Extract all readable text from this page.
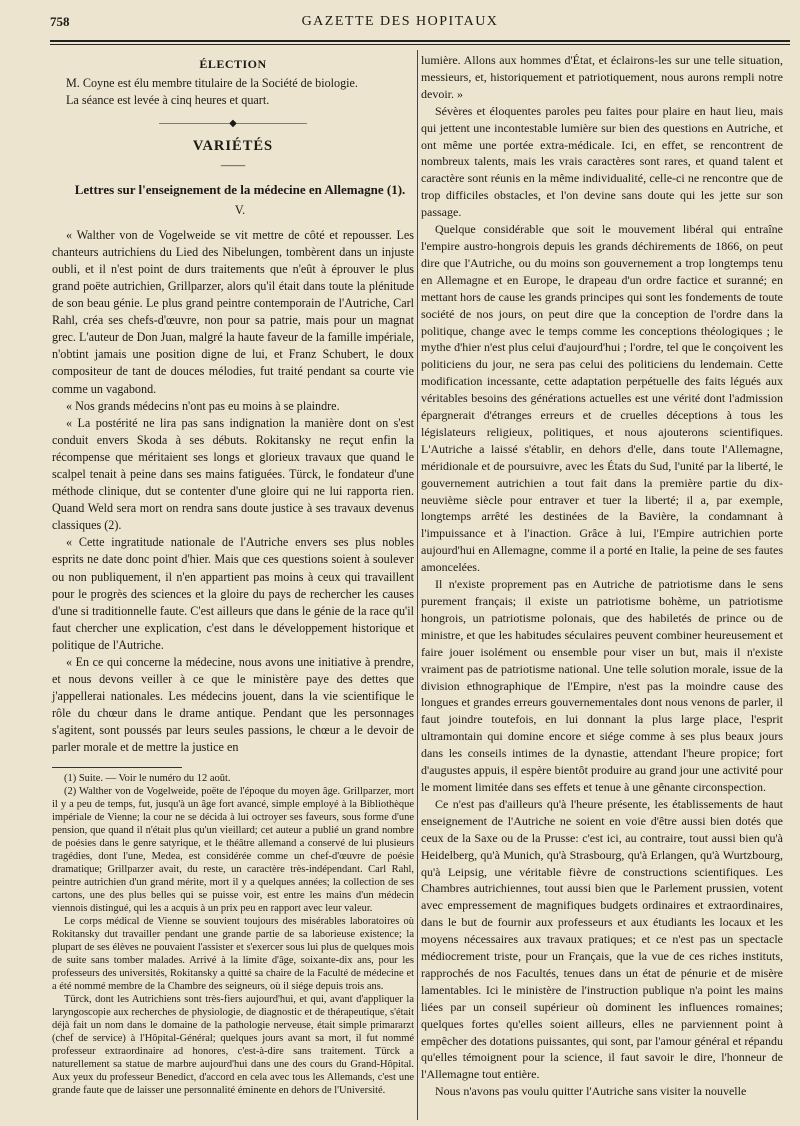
758	GAZETTE DES HOPITAUX

ÉLECTION

M. Coyne est élu membre titulaire de la Société de biologie.

La séance est levée à cinq heures et quart.

———————◆———————

VARIÉTÉS

——

Lettres sur l'enseignement de la médecine en Allemagne (1).

V.

« Walther von de Vogelweide se vit mettre de côté et repousser. Les chanteurs autrichiens du Lied des Nibelungen, tombèrent dans un injuste oubli, et il n'est point de durs traitements que n'eût à éprouver le plus grand poëte autrichien, Grillparzer, alors qu'il était dans toute la plénitude de son beau génie. Le plus grand peintre contemporain de l'Autriche, Carl Rahl, créa ses chefs-d'œuvre, non pour sa patrie, mais pour un magnat grec. L'auteur de Don Juan, malgré la haute faveur de la famille impériale, n'obtint jamais une position digne de lui, et Franz Schubert, le doux compositeur de tant de douces mélodies, fut traité pendant sa courte vie comme un vagabond.

« Nos grands médecins n'ont pas eu moins à se plaindre.

« La postérité ne lira pas sans indignation la manière dont on s'est conduit envers Skoda à ses débuts. Rokitansky ne reçut enfin la récompense que méritaient ses longs et glorieux travaux que quand le scalpel tenait à peine dans ses mains fatiguées. Türck, le fondateur d'une méthode clinique, dut se contenter d'une gloire qui ne lui rapporta rien. Quand Weld sera mort on rendra sans doute justice à ses travaux devenus classiques (2).

« Cette ingratitude nationale de l'Autriche envers ses plus nobles esprits ne date donc point d'hier. Mais que ces questions soient à soulever ou non publiquement, il n'en appartient pas moins à ceux qui travaillent pour le progrès des sciences et la gloire du pays de rechercher les causes d'une si traditionnelle faute. C'est ailleurs que dans le génie de la race qu'il faut chercher une explication, c'est dans le développement historique et politique de l'Autriche.

« En ce qui concerne la médecine, nous avons une initiative à prendre, et nous devons veiller à ce que le ministère paye des dettes que j'appellerai nationales. Les médecins jouent, dans la vie scientifique le rôle du chœur dans le drame antique. Pendant que les personnages s'agitent, sont poussés par leurs seules passions, le chœur a le devoir de parler morale et de mettre la justice en

(1) Suite. — Voir le numéro du 12 août.

(2) Walther von de Vogelweide, poëte de l'époque du moyen âge. Grillparzer, mort il y a peu de temps, fut, jusqu'à un âge fort avancé, simple employé à la Bibliothèque impériale de Vienne; la cour ne se décida à lui octroyer ses faveurs, sous forme d'une pension, que quand il n'était plus qu'un vieillard; cet auteur a publié un grand nombre de poésies dans le genre satyrique, et le théâtre allemand a conservé de lui plusieurs tragédies, dont l'une, Medea, est considérée comme un chef-d'œuvre de poésie dramatique; Grillparzer avait, du reste, un caractère très-indépendant. Carl Rahl, peintre autrichien d'un grand mérite, mort il y a quelques années; la collection de ses cartons, une des plus belles qui se puisse voir, est entre les mains d'un médecin viennois distingué, qui les a acquis à un prix peu en rapport avec leur valeur.

Le corps médical de Vienne se souvient toujours des misérables laboratoires où Rokitansky dut travailler pendant une grande partie de sa laborieuse existence; la plupart de ses élèves ne pouvaient l'assister et s'exercer sous lui plus de quelques mois de suite sans tomber malades. Arrivé à la limite d'âge, soixante-dix ans, pour les professeurs des universités, Rokitansky a quitté sa chaire de la Faculté de médecine et a été nommé membre de la Chambre des seigneurs, où il siége depuis trois ans.

Türck, dont les Autrichiens sont très-fiers aujourd'hui, et qui, avant d'appliquer la laryngoscopie aux recherches de physiologie, de diagnostic et de thérapeutique, s'était déjà fait un nom dans le domaine de la pathologie nerveuse, était simple primararzt (chef de service) à l'Hôpital-Général; quelques jours avant sa mort, il fut nommé professeur extraordinaire ad honores, c'est-à-dire sans traitement. Türck a naturellement sa statue de marbre aujourd'hui dans une des cours du Grand-Hôpital. Aux yeux du professeur Benedict, d'accord en cela avec tous les Allemands, c'est une grande faute que de laisser une personnalité éminente en dehors de l'Université.

lumière. Allons aux hommes d'État, et éclairons-les sur une telle situation, messieurs, et, historiquement et patriotiquement, nous aurons rempli notre devoir. »

Sévères et éloquentes paroles peu faites pour plaire en haut lieu, mais qui jettent une incontestable lumière sur bien des questions en Autriche, et ont même une portée extra-médicale. Ici, en effet, se rencontrent de nombreux talents, mais les vrais caractères sont rares, et quand talent et caractère sont réunis en la même individualité, celle-ci ne rencontre que de trop difficiles obstacles, et l'on devine sans doute qui les jette sur son passage.

Quelque considérable que soit le mouvement libéral qui entraîne l'empire austro-hongrois depuis les grands déchirements de 1866, on peut dire que l'Autriche, ou du moins son gouvernement a trop longtemps tenu en Allemagne et en Europe, le drapeau d'un ordre factice et suranné; en mettant hors de cause les grands principes qui sont les fondements de toute société de nos jours, on peut dire que la conception de l'ordre dans la politique, change avec le temps comme les conceptions théologiques ; le mythe d'hier n'est plus celui d'aujourd'hui ; l'ordre, tel que le conçoivent les politiciens du jour, ne sera pas celui des politiciens du lendemain. Cette modification incessante, cette adaptation perpétuelle des faits légués aux véritables besoins des générations actuelles est une vérité dont l'admission épargnerait d'étranges erreurs et de cruelles déceptions à tous les législateurs religieux, politiques, et nous ajouterons scientifiques. L'Autriche a laissé s'établir, en dehors d'elle, dans toute l'Allemagne, méridionale et de poursuivre, avec les États du Sud, l'unité par la liberté, le gouvernement autrichien a tout fait dans la première partie du dix-neuvième siècle pour entraver et tuer la liberté; il a, par exemple, longtemps arrêté les destinées de la Bavière, la condamnant à l'impuissance et à l'inaction. Grâce à lui, l'Empire autrichien porte aujourd'hui en Allemagne, comme il a porté en Italie, la peine de ses fautes amoncelées.

Il n'existe proprement pas en Autriche de patriotisme dans le sens purement français; il existe un patriotisme bohème, un patriotisme hongrois, un patriotisme polonais, que des habiletés de prince ou de ministre, et que les habitudes séculaires peuvent combiner heureusement et faire jouer isolément ou ensemble pour viser un but, mais il n'existe vraiment pas de patriotisme national. Une telle solution morale, issue de la division ethnographique de l'Empire, n'est pas la moindre cause des longues et grandes erreurs gouvernementales dont nous venons de parler, il faut joindre toutefois, en lui donnant la plus large place, l'esprit ultramontain qui domine encore et siége comme à ses plus beaux jours dans les conseils intimes de la dynastie, attendant l'heure propice; fort d'augustes appuis, il espère bientôt produire au grand jour une activité pour le moment limitée dans ses effets et tenue à une gênante circonspection.

Ce n'est pas d'ailleurs qu'à l'heure présente, les établissements de haut enseignement de l'Autriche ne soient en voie d'être aussi bien dotés que ceux de la Saxe ou de la Prusse: c'est ici, au contraire, tout aussi bien qu'à Heidelberg, qu'à Munich, qu'à Strasbourg, qu'à Erlangen, qu'à Wurtzbourg, qu'à Leipsig, une véritable fièvre de constructions scientifiques. Les Chambres autrichiennes, tout aussi bien que le Parlement prussien, votent avec empressement de magnifiques budgets ordinaires et extraordinaires, dans le but de fournir aux professeurs et aux étudiants les locaux et les moyens nécessaires aux travaux pratiques; et ce n'est pas un spectacle médiocrement triste, pour un Français, que la vue de ces riches instituts, rapprochés de nos Facultés, tenues dans un état de pénurie et de misère lamentables. Ici le ministère de l'instruction publique n'a point les mains liées par un conseil supérieur où dominent les influences romaines; quelques fortes qu'elles soient ailleurs, elles ne parviennent point à empêcher des dotations puissantes, qui sont, par l'amour général et répandu qu'elles témoignent pour la science, il faut savoir le dire, l'honneur de l'Allemagne tout entière.

Nous n'avons pas voulu quitter l'Autriche sans visiter la nouvelle
